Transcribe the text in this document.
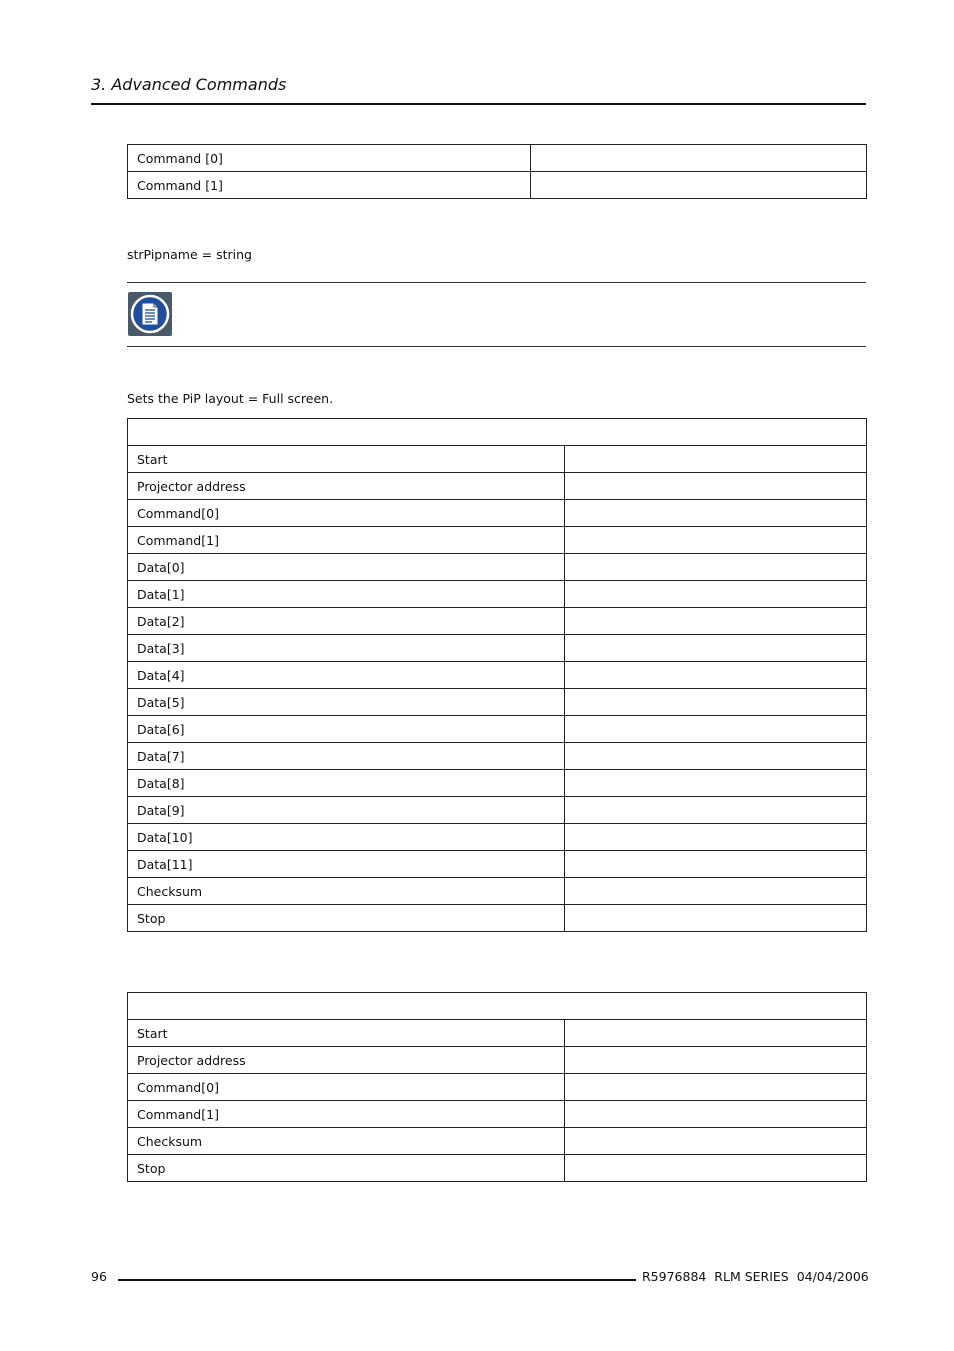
3. Advanced Commands
Command [0]	
Command [1]	
strPipname = string
Sets the PiP layout = Full screen.

Start	
Projector address	
Command[0]	
Command[1]	
Data[0]	
Data[1]	
Data[2]	
Data[3]	
Data[4]	
Data[5]	
Data[6]	
Data[7]	
Data[8]	
Data[9]	
Data[10]	
Data[11]	
Checksum	
Stop	

Start	
Projector address	
Command[0]	
Command[1]	
Checksum	
Stop	
96	R5976884  RLM SERIES  04/04/2006
